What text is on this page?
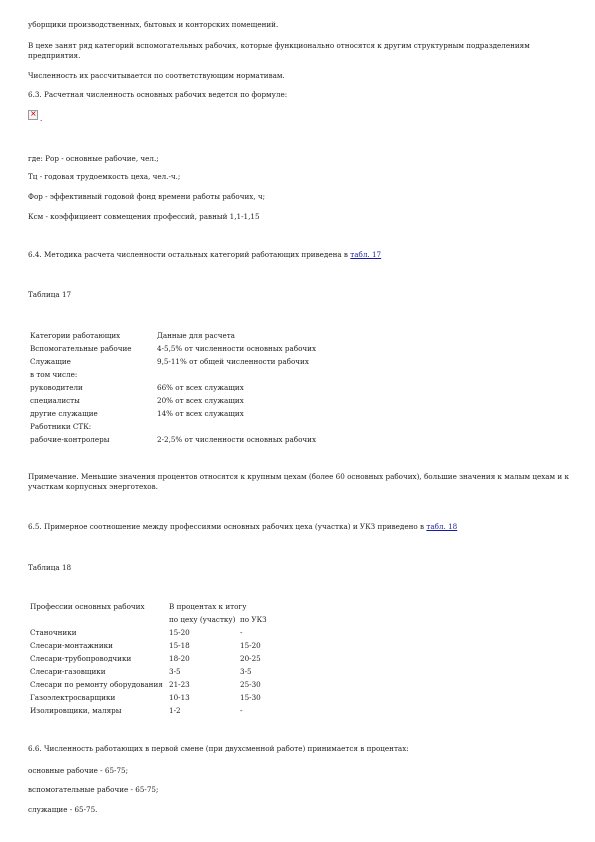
уборщики производственных, бытовых и конторских помещений.
В цехе занят ряд категорий вспомогательных рабочих, которые функционально относятся к другим структурным подразделениям предприятия.
Численность их рассчитывается по соответствующим нормативам.
6.3. Расчетная численность основных рабочих ведется по формуле:
×
.
где: Рор - основные рабочие, чел.;
Тц - годовая трудоемкость цеха, чел.-ч.;
Фор - эффективный годовой фонд времени работы рабочих, ч;
Ксм - коэффициент совмещения профессий, равный 1,1-1,15
6.4. Методика расчета численности остальных категорий работающих приведена в табл. 17
Таблица 17
Категории работающих	Данные для расчета
Вспомогательные рабочие	4-5,5% от численности основных рабочих
Служащие	9,5-11% от общей численности рабочих
в том числе:	
руководители	66% от всех служащих
специалисты	20% от всех служащих
другие служащие	14% от всех служащих
Работники СТК:	
рабочие-контролеры	2-2,5% от численности основных рабочих
Примечание. Меньшие значения процентов относятся к крупным цехам (более 60 основных рабочих), большие значения к малым цехам и к участкам корпусных энерготехов.
6.5. Примерное соотношение между профессиями основных рабочих цеха (участка) и УКЗ приведено в табл. 18
Таблица 18
Профессии основных рабочих	В процентах к итогу	
	по цеху (участку)	по УКЗ
Станочники	15-20	-
Слесари-монтажники	15-18	15-20
Слесари-трубопроводчики	18-20	20-25
Слесари-газовщики	3-5	3-5
Слесари по ремонту оборудования	21-23	25-30
Газоэлектросварщики	10-13	15-30
Изолировщики, маляры	1-2	-
6.6. Численность работающих в первой смене (при двухсменной работе) принимается в процентах:
основные рабочие - 65-75;
вспомогательные рабочие - 65-75;
служащие - 65-75.
